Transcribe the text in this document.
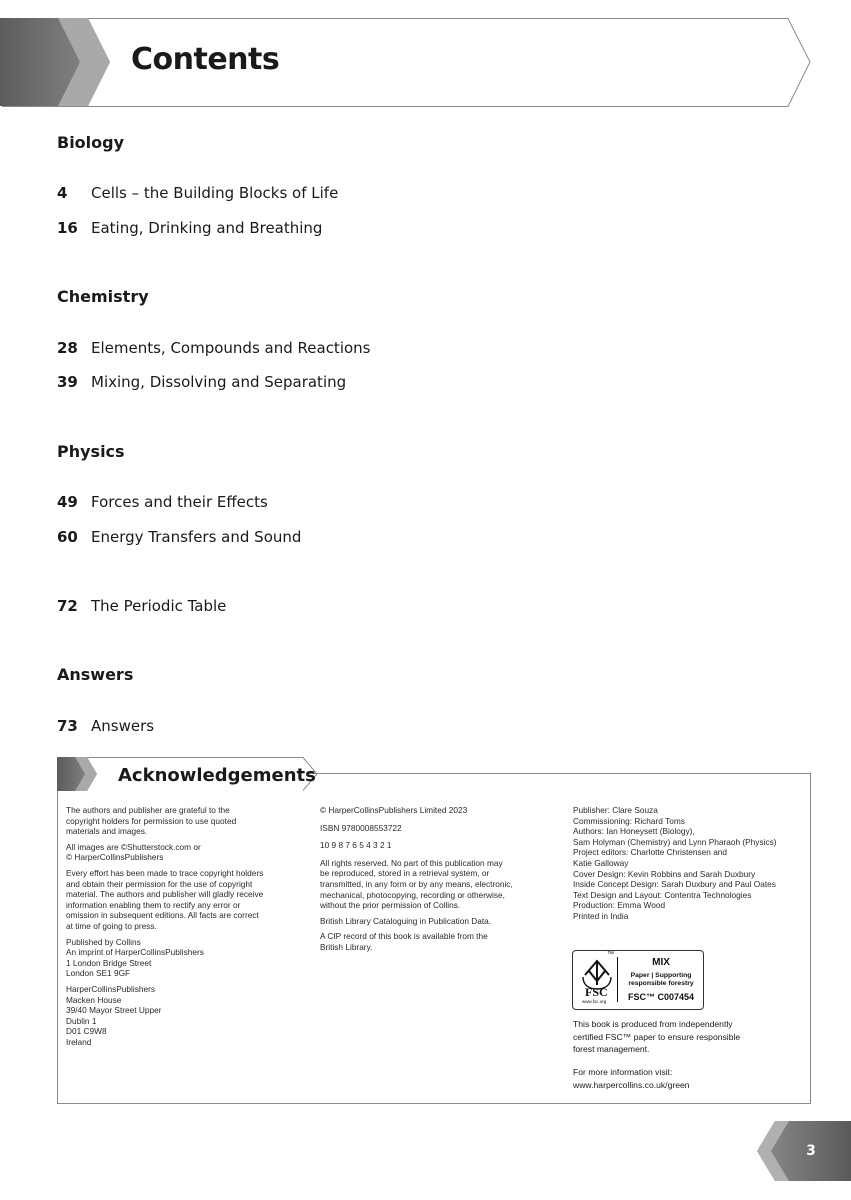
Contents
Biology
4 Cells – the Building Blocks of Life
16 Eating, Drinking and Breathing
Chemistry
28 Elements, Compounds and Reactions
39 Mixing, Dissolving and Separating
Physics
49 Forces and their Effects
60 Energy Transfers and Sound
72 The Periodic Table
Answers
73 Answers
Acknowledgements

The authors and publisher are grateful to the
copyright holders for permission to use quoted
materials and images.

All images are ©Shutterstock.com or
© HarperCollinsPublishers

Every effort has been made to trace copyright holders
and obtain their permission for the use of copyright
material. The authors and publisher will gladly receive
information enabling them to rectify any error or
omission in subsequent editions. All facts are correct
at time of going to press.

Published by Collins
An imprint of HarperCollinsPublishers
1 London Bridge Street
London SE1 9GF

HarperCollinsPublishers
Macken House
39/40 Mayor Street Upper
Dublin 1
D01 C9W8
Ireland

© HarperCollinsPublishers Limited 2023

ISBN 9780008553722

10 9 8 7 6 5 4 3 2 1

All rights reserved. No part of this publication may
be reproduced, stored in a retrieval system, or
transmitted, in any form or by any means, electronic,
mechanical, photocopying, recording or otherwise,
without the prior permission of Collins.

British Library Cataloguing in Publication Data.

A CIP record of this book is available from the
British Library.

Publisher: Clare Souza
Commissioning: Richard Toms
Authors: Ian Honeysett (Biology),
Sam Holyman (Chemistry) and Lynn Pharaoh (Physics)
Project editors: Charlotte Christensen and
Katie Galloway
Cover Design: Kevin Robbins and Sarah Duxbury
Inside Concept Design: Sarah Duxbury and Paul Oates
Text Design and Layout: Contentra Technologies
Production: Emma Wood
Printed in India

FSC
™
www.fsc.org
MIX
Paper | Supporting
responsible forestry
FSC™ C007454
This book is produced from independently
certified FSC™ paper to ensure responsible
forest management.
For more information visit:
www.harpercollins.co.uk/green
3
